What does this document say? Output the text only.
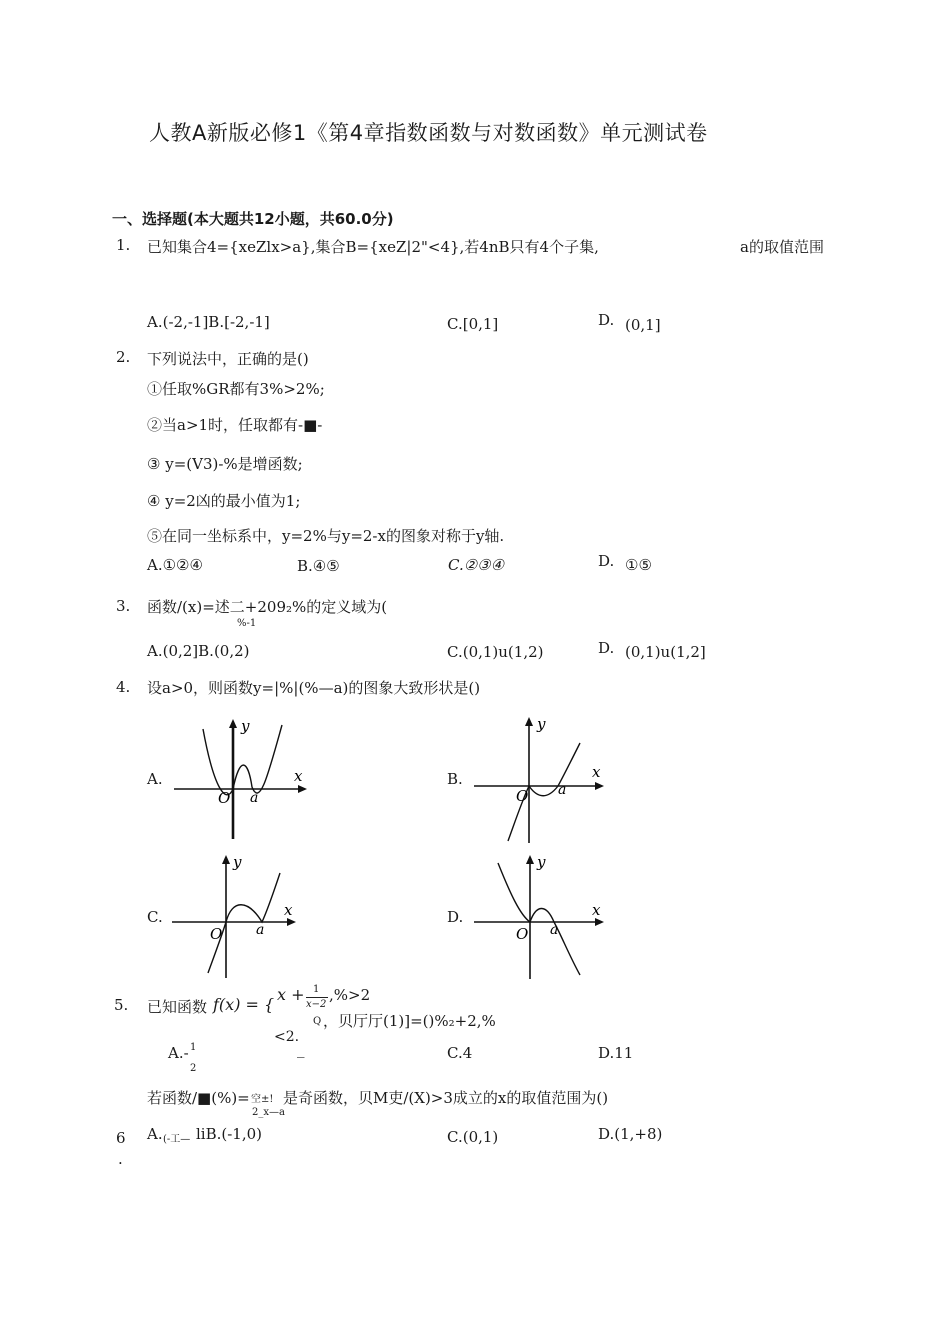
人教A新版必修1《第4章指数函数与对数函数》单元测试卷
一、选择题(本大题共12小题，共60.0分)
1. 已知集合4={xeZlx>a},集合B={xeZ|2"<4},若4nB只有4个子集,	a的取值范围
A.(-2,-1]B.[-2,-1]	C.[0,1]	D. (0,1]
2. 下列说法中，正确的是()
①任取%GR都有3%>2%;
②当a>1时，任取都有-■-
③ y=(V3)-%是增函数;
④ y=2凶的最小值为1;
⑤在同一坐标系中，y=2%与y=2-x的图象对称于y轴.
A.①②④	B.④⑤	C.②③④	D. ①⑤
3. 函数/(x)=述二+209₂%的定义域为(
%-1
A.(0,2]B.(0,2)	C.(0,1)u(1,2)	D. (0,1)u(1,2]
4. 设a>0，则函数y=|%|(%—a)的图象大致形状是()
A.	B.
C.	D.
y
x
O a
y
x
O a
y
x
O a
y
x
O a
5. 已知函数 f(x) = {
x + 1
x−2
,%>2
Q ，贝厅厅(1)]=()%₂+2,%
<2.
_
A.- 1
2
C.4	D.11
若函数/■(%)= 空±!
2_x—a
是奇函数，贝M吏/(X)>3成立的x的取值范围为()
6
.
A. (-工— liB.(-1,0)	C.(0,1)	D.(1,+8)
